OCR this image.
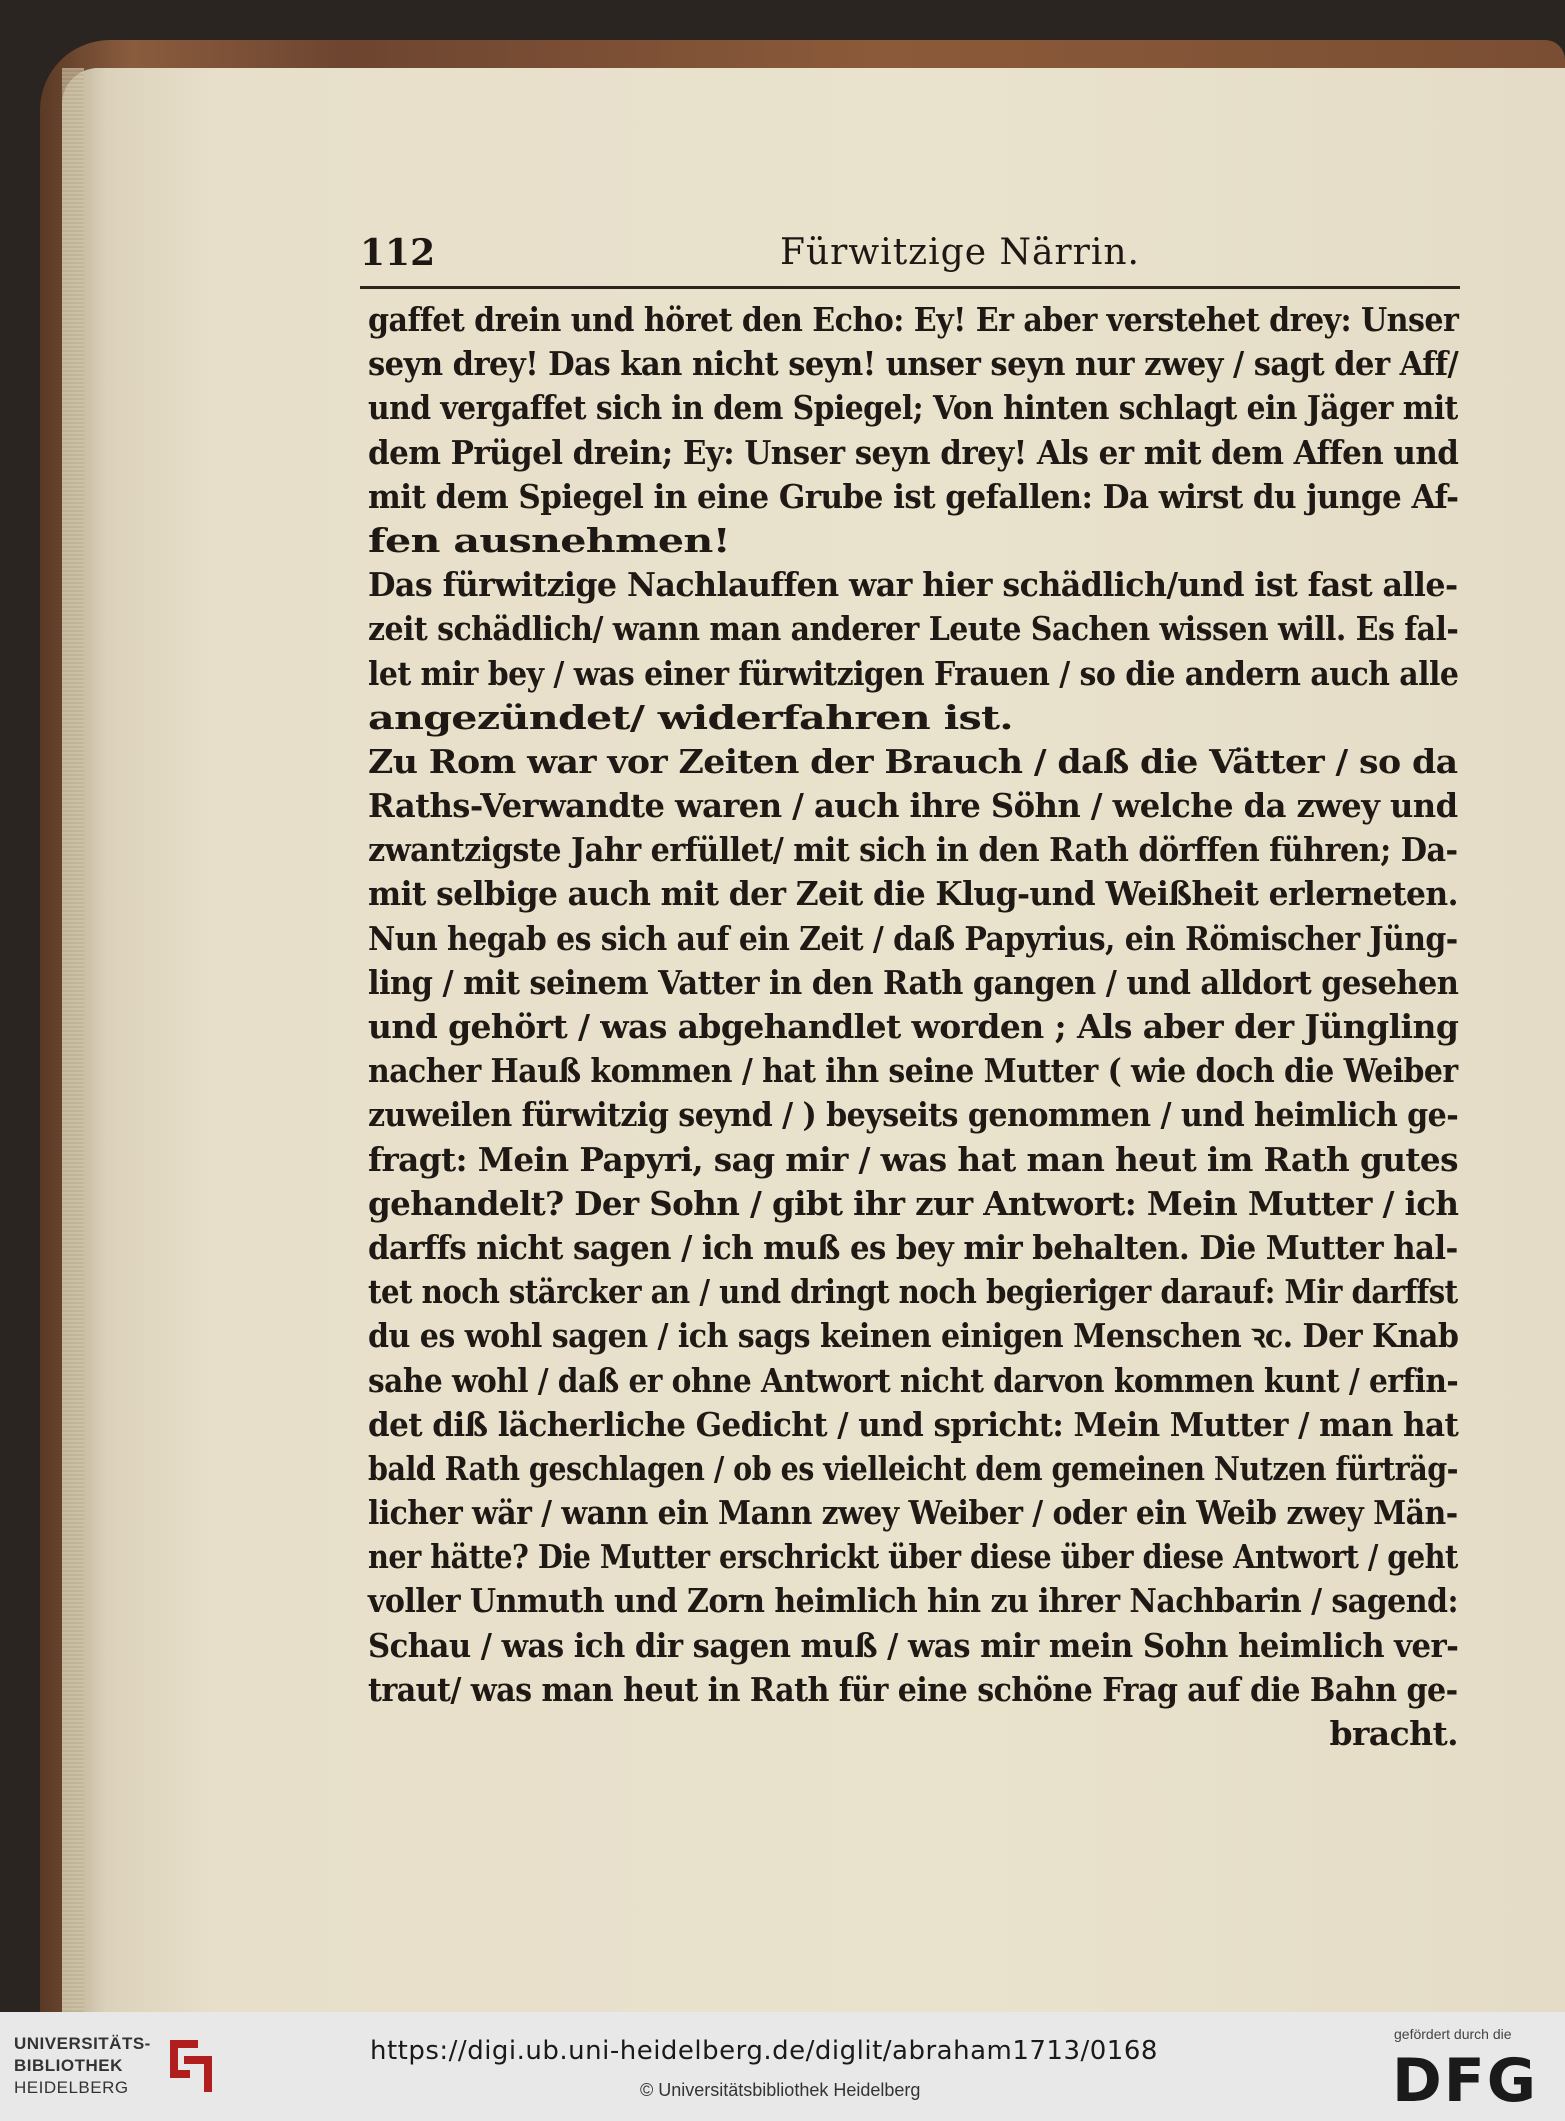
112	Fürwitzige Närrin.
gaffet drein und höret den Echo: Ey! Er aber verstehet drey: Unser
seyn drey! Das kan nicht seyn! unser seyn nur zwey / sagt der Aff/
und vergaffet sich in dem Spiegel; Von hinten schlagt ein Jäger mit
dem Prügel drein; Ey: Unser seyn drey! Als er mit dem Affen und
mit dem Spiegel in eine Grube ist gefallen: Da wirst du junge Af-
fen ausnehmen!
Das fürwitzige Nachlauffen war hier schädlich/und ist fast alle-
zeit schädlich/ wann man anderer Leute Sachen wissen will. Es fal-
let mir bey / was einer fürwitzigen Frauen / so die andern auch alle
angezündet/ widerfahren ist.
Zu Rom war vor Zeiten der Brauch / daß die Vätter / so da
Raths-Verwandte waren / auch ihre Söhn / welche da zwey und
zwantzigste Jahr erfüllet/ mit sich in den Rath dörffen führen; Da-
mit selbige auch mit der Zeit die Klug-und Weißheit erlerneten.
Nun hegab es sich auf ein Zeit / daß Papyrius, ein Römischer Jüng-
ling / mit seinem Vatter in den Rath gangen / und alldort gesehen
und gehört / was abgehandlet worden ; Als aber der Jüngling
nacher Hauß kommen / hat ihn seine Mutter ( wie doch die Weiber
zuweilen fürwitzig seynd / ) beyseits genommen / und heimlich ge-
fragt: Mein Papyri, sag mir / was hat man heut im Rath gutes
gehandelt? Der Sohn / gibt ihr zur Antwort: Mein Mutter / ich
darffs nicht sagen / ich muß es bey mir behalten. Die Mutter hal-
tet noch stärcker an / und dringt noch begieriger darauf: Mir darffst
du es wohl sagen / ich sags keinen einigen Menschen ꝛc. Der Knab
sahe wohl / daß er ohne Antwort nicht darvon kommen kunt / erfin-
det diß lächerliche Gedicht / und spricht: Mein Mutter / man hat
bald Rath geschlagen / ob es vielleicht dem gemeinen Nutzen fürträg-
licher wär / wann ein Mann zwey Weiber / oder ein Weib zwey Män-
ner hätte? Die Mutter erschrickt über diese über diese Antwort / geht
voller Unmuth und Zorn heimlich hin zu ihrer Nachbarin / sagend:
Schau / was ich dir sagen muß / was mir mein Sohn heimlich ver-
traut/ was man heut in Rath für eine schöne Frag auf die Bahn ge-
bracht.
UNIVERSITÄTS-
BIBLIOTHEK
HEIDELBERG
https://digi.ub.uni-heidelberg.de/diglit/abraham1713/0168
© Universitätsbibliothek Heidelberg
gefördert durch die
DFG
